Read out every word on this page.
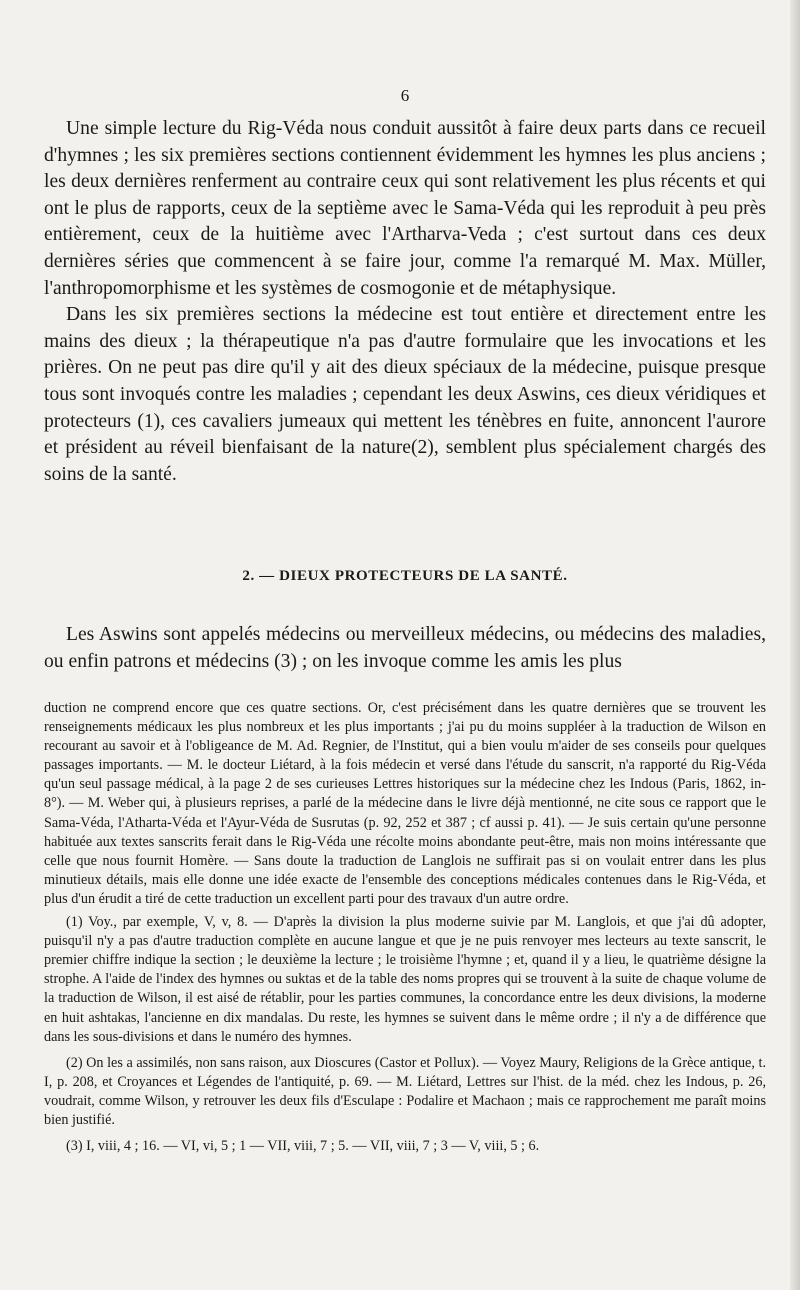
6

Une simple lecture du Rig-Véda nous conduit aussitôt à faire deux parts dans ce recueil d'hymnes ; les six premières sections contiennent évidemment les hymnes les plus anciens ; les deux dernières renferment au contraire ceux qui sont relativement les plus récents et qui ont le plus de rapports, ceux de la septième avec le Sama-Véda qui les reproduit à peu près entièrement, ceux de la huitième avec l'Artharva-Veda ; c'est surtout dans ces deux dernières séries que commencent à se faire jour, comme l'a remarqué M. Max. Müller, l'anthropomorphisme et les systèmes de cosmogonie et de métaphysique.

Dans les six premières sections la médecine est tout entière et directement entre les mains des dieux ; la thérapeutique n'a pas d'autre formulaire que les invocations et les prières. On ne peut pas dire qu'il y ait des dieux spéciaux de la médecine, puisque presque tous sont invoqués contre les maladies ; cependant les deux Aswins, ces dieux véridiques et protecteurs (1), ces cavaliers jumeaux qui mettent les ténèbres en fuite, annoncent l'aurore et président au réveil bienfaisant de la nature(2), semblent plus spécialement chargés des soins de la santé.

2. — DIEUX PROTECTEURS DE LA SANTÉ.

Les Aswins sont appelés médecins ou merveilleux médecins, ou médecins des maladies, ou enfin patrons et médecins (3) ; on les invoque comme les amis les plus

duction ne comprend encore que ces quatre sections. Or, c'est précisément dans les quatre dernières que se trouvent les renseignements médicaux les plus nombreux et les plus importants ; j'ai pu du moins suppléer à la traduction de Wilson en recourant au savoir et à l'obligeance de M. Ad. Regnier, de l'Institut, qui a bien voulu m'aider de ses conseils pour quelques passages importants. — M. le docteur Liétard, à la fois médecin et versé dans l'étude du sanscrit, n'a rapporté du Rig-Véda qu'un seul passage médical, à la page 2 de ses curieuses Lettres historiques sur la médecine chez les Indous (Paris, 1862, in-8°). — M. Weber qui, à plusieurs reprises, a parlé de la médecine dans le livre déjà mentionné, ne cite sous ce rapport que le Sama-Véda, l'Atharta-Véda et l'Ayur-Véda de Susrutas (p. 92, 252 et 387 ; cf aussi p. 41). — Je suis certain qu'une personne habituée aux textes sanscrits ferait dans le Rig-Véda une récolte moins abondante peut-être, mais non moins intéressante que celle que nous fournit Homère. — Sans doute la traduction de Langlois ne suffirait pas si on voulait entrer dans les plus minutieux détails, mais elle donne une idée exacte de l'ensemble des conceptions médicales contenues dans le Rig-Véda, et plus d'un érudit a tiré de cette traduction un excellent parti pour des travaux d'un autre ordre.

(1) Voy., par exemple, V, v, 8. — D'après la division la plus moderne suivie par M. Langlois, et que j'ai dû adopter, puisqu'il n'y a pas d'autre traduction complète en aucune langue et que je ne puis renvoyer mes lecteurs au texte sanscrit, le premier chiffre indique la section ; le deuxième la lecture ; le troisième l'hymne ; et, quand il y a lieu, le quatrième désigne la strophe. A l'aide de l'index des hymnes ou suktas et de la table des noms propres qui se trouvent à la suite de chaque volume de la traduction de Wilson, il est aisé de rétablir, pour les parties communes, la concordance entre les deux divisions, la moderne en huit ashtakas, l'ancienne en dix mandalas. Du reste, les hymnes se suivent dans le même ordre ; il n'y a de différence que dans les sous-divisions et dans le numéro des hymnes.

(2) On les a assimilés, non sans raison, aux Dioscures (Castor et Pollux). — Voyez Maury, Religions de la Grèce antique, t. I, p. 208, et Croyances et Légendes de l'antiquité, p. 69. — M. Liétard, Lettres sur l'hist. de la méd. chez les Indous, p. 26, voudrait, comme Wilson, y retrouver les deux fils d'Esculape : Podalire et Machaon ; mais ce rapprochement me paraît moins bien justifié.

(3) I, viii, 4 ; 16. — VI, vi, 5 ; 1 — VII, viii, 7 ; 5. — VII, viii, 7 ; 3 — V, viii, 5 ; 6.
